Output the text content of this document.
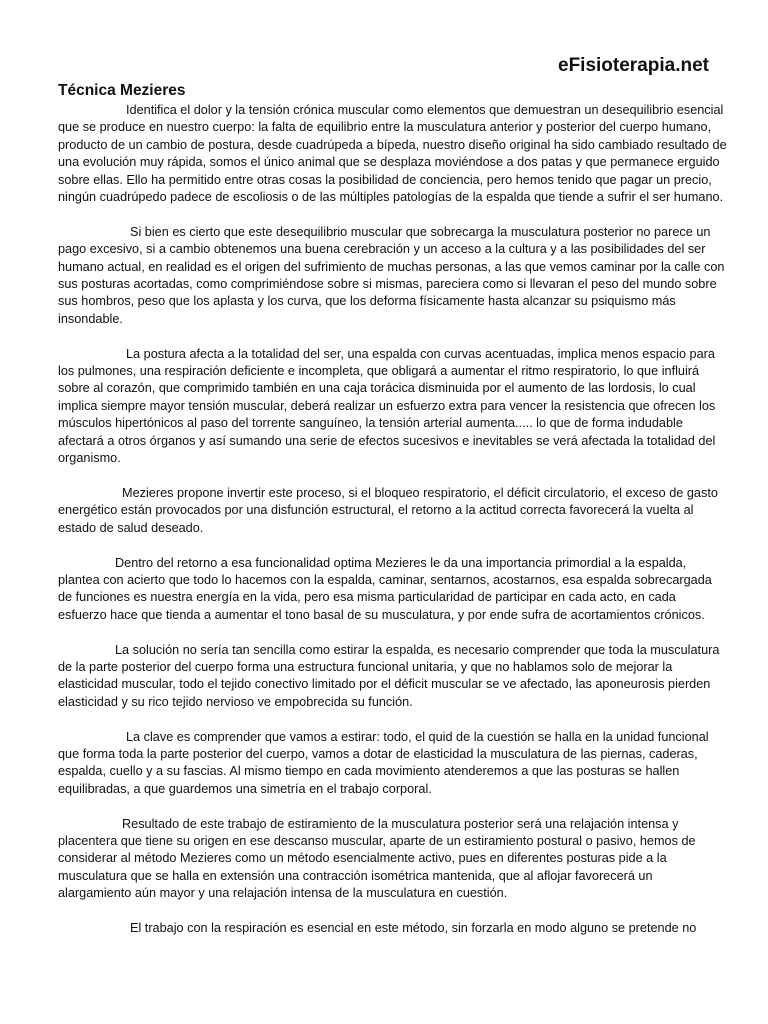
eFisioterapia.net
Técnica Mezieres

Identifica el dolor y la tensión crónica muscular como elementos que demuestran un desequilibrio esencial que se produce en nuestro cuerpo: la falta de equilibrio entre la musculatura anterior y posterior del cuerpo humano, producto de un cambio de postura, desde cuadrúpeda a bípeda, nuestro diseño original ha sido cambiado resultado de una evolución muy rápida, somos el único animal que se desplaza moviéndose a dos patas y que permanece erguido sobre ellas. Ello ha permitido entre otras cosas la posibilidad de conciencia, pero hemos tenido que pagar un precio, ningún cuadrúpedo padece de escoliosis o de las múltiples patologías de la espalda que tiende a sufrir el ser humano.

Si bien es cierto que este desequilibrio muscular que sobrecarga la musculatura posterior no parece un pago excesivo, si a cambio obtenemos una buena cerebración y un acceso a la cultura y a las posibilidades del ser humano actual, en realidad es el origen del sufrimiento de muchas personas, a las que vemos caminar por la calle con sus posturas acortadas, como comprimiéndose sobre si mismas, pareciera como si llevaran el peso del mundo sobre sus hombros, peso que los aplasta y los curva, que los deforma físicamente hasta alcanzar su psiquismo más insondable.

La postura afecta a la totalidad del ser, una espalda con curvas acentuadas, implica menos espacio para los pulmones, una respiración deficiente e incompleta, que obligará a aumentar el ritmo respiratorio, lo que influirá sobre al corazón, que comprimido también en una caja torácica disminuida por el aumento de las lordosis, lo cual implica siempre mayor tensión muscular, deberá realizar un esfuerzo extra para vencer la resistencia que ofrecen los músculos hipertónicos al paso del torrente sanguíneo, la tensión arterial aumenta..... lo que de forma indudable afectará a otros órganos y así sumando una serie de efectos sucesivos e inevitables se verá afectada la totalidad del organismo.

Mezieres propone invertir este proceso, si el bloqueo respiratorio, el déficit circulatorio, el exceso de gasto energético están provocados por una disfunción estructural, el retorno a la actitud correcta favorecerá la vuelta al estado de salud deseado.

Dentro del retorno a esa funcionalidad optima Mezieres le da una importancia primordial a la espalda, plantea con acierto que todo lo hacemos con la espalda, caminar, sentarnos, acostarnos, esa espalda sobrecargada de funciones es nuestra energía en la vida, pero esa misma particularidad de participar en cada acto, en cada esfuerzo hace que tienda a aumentar el tono basal de su musculatura, y por ende sufra de acortamientos crónicos.

La solución no sería tan sencilla como estirar la espalda, es necesario comprender que toda la musculatura de la parte posterior del cuerpo forma una estructura funcional unitaria, y que no hablamos solo de mejorar la elasticidad muscular, todo el tejido conectivo limitado por el déficit muscular se ve afectado, las aponeurosis pierden elasticidad y su rico tejido nervioso ve empobrecida su función.

La clave es comprender que vamos a estirar: todo, el quid de la cuestión se halla en la unidad funcional que forma toda la parte posterior del cuerpo, vamos a dotar de elasticidad la musculatura de las piernas, caderas, espalda, cuello y a su fascias. Al mismo tiempo en cada movimiento atenderemos a que las posturas se hallen equilibradas, a que guardemos una simetría en el trabajo corporal.

Resultado de este trabajo de estiramiento de la musculatura posterior será una relajación intensa y placentera que tiene su origen en ese descanso muscular, aparte de un estiramiento postural o pasivo, hemos de considerar al método Mezieres como un método esencialmente activo, pues en diferentes posturas pide a la musculatura que se halla en extensión una contracción isométrica mantenida, que al aflojar favorecerá un alargamiento aún mayor y una relajación intensa de la musculatura en cuestión.

El trabajo con la respiración es esencial en este método, sin forzarla en modo alguno se pretende no
